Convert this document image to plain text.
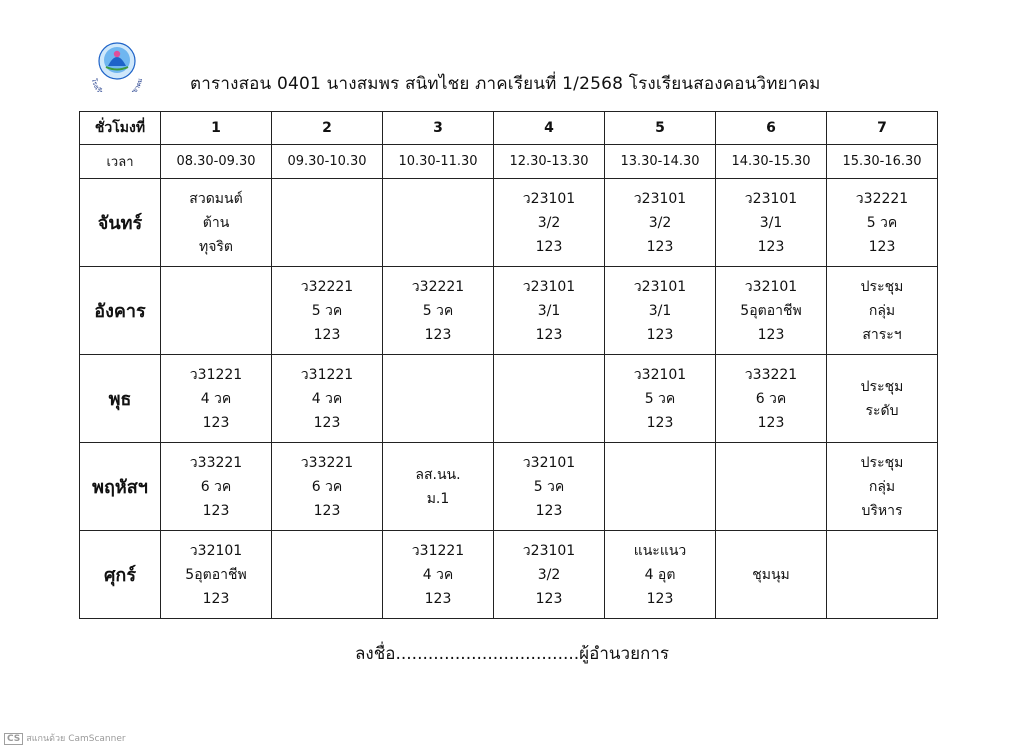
โรงเรี ยาคม	ตารางสอน 0401 นางสมพร สนิทไชย ภาคเรียนที่ 1/2568 โรงเรียนสองคอนวิทยาคม
ชั่วโมงที่	1	2	3	4	5	6	7
เวลา	08.30-09.30	09.30-10.30	10.30-11.30	12.30-13.30	13.30-14.30	14.30-15.30	15.30-16.30
จันทร์	สวดมนต์
ต้าน
ทุจริต			ว23101
3/2
123	ว23101
3/2
123	ว23101
3/1
123	ว32221
5 วค
123

อังคาร		ว32221
5 วค
123	ว32221
5 วค
123	ว23101
3/1
123	ว23101
3/1
123	ว32101
5อุตอาชีพ
123	ประชุม
กลุ่ม
สาระฯ

พุธ	ว31221
4 วค
123	ว31221
4 วค
123			ว32101
5 วค
123	ว33221
6 วค
123	ประชุม
ระดับ

พฤหัสฯ	ว33221
6 วค
123	ว33221
6 วค
123	ลส.นน.
ม.1	ว32101
5 วค
123			ประชุม
กลุ่ม
บริหาร

ศุกร์	ว32101
5อุตอาชีพ
123		ว31221
4 วค
123	ว23101
3/2
123	แนะแนว
4 อุต
123	ชุมนุม	

ลงชื่อ..................................ผู้อำนวยการ
CS สแกนด้วย CamScanner
